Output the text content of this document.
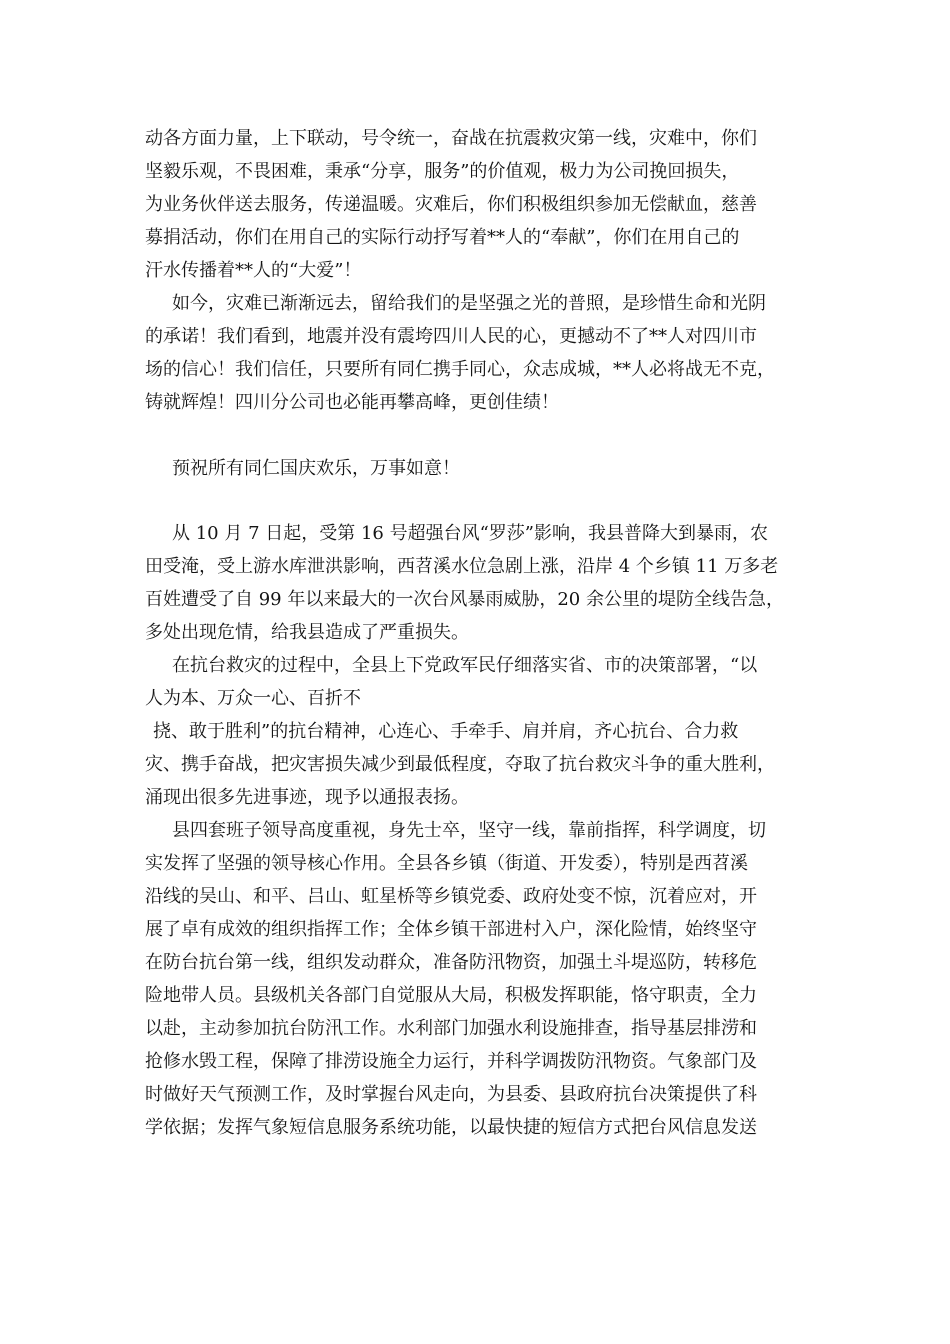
动各方面力量，上下联动，号令统一，奋战在抗震救灾第一线，灾难中，你们

坚毅乐观，不畏困难，秉承“分享，服务”的价值观，极力为公司挽回损失，

为业务伙伴送去服务，传递温暖。灾难后，你们积极组织参加无偿献血，慈善

募捐活动，你们在用自己的实际行动抒写着**人的“奉献”，你们在用自己的

汗水传播着**人的“大爱”！

如今，灾难已渐渐远去，留给我们的是坚强之光的普照，是珍惜生命和光阴

的承诺！我们看到，地震并没有震垮四川人民的心，更撼动不了**人对四川市

场的信心！我们信任，只要所有同仁携手同心，众志成城，**人必将战无不克，

铸就辉煌！四川分公司也必能再攀高峰，更创佳绩！

预祝所有同仁国庆欢乐，万事如意！

从 10 月 7 日起，受第 16 号超强台风“罗莎”影响，我县普降大到暴雨，农

田受淹，受上游水库泄洪影响，西苕溪水位急剧上涨，沿岸 4 个乡镇 11 万多老

百姓遭受了自 99 年以来最大的一次台风暴雨威胁，20 余公里的堤防全线告急，

多处出现危情，给我县造成了严重损失。

在抗台救灾的过程中，全县上下党政军民仔细落实省、市的决策部署，“以

人为本、万众一心、百折不

挠、敢于胜利”的抗台精神，心连心、手牵手、肩并肩，齐心抗台、合力救

灾、携手奋战，把灾害损失减少到最低程度，夺取了抗台救灾斗争的重大胜利，

涌现出很多先进事迹，现予以通报表扬。

县四套班子领导高度重视，身先士卒，坚守一线，靠前指挥，科学调度，切

实发挥了坚强的领导核心作用。全县各乡镇（街道、开发委），特别是西苕溪

沿线的吴山、和平、吕山、虹星桥等乡镇党委、政府处变不惊，沉着应对，开

展了卓有成效的组织指挥工作；全体乡镇干部进村入户，深化险情，始终坚守

在防台抗台第一线，组织发动群众，准备防汛物资，加强土斗堤巡防，转移危

险地带人员。县级机关各部门自觉服从大局，积极发挥职能，恪守职责，全力

以赴，主动参加抗台防汛工作。水利部门加强水利设施排查，指导基层排涝和

抢修水毁工程，保障了排涝设施全力运行，并科学调拨防汛物资。气象部门及

时做好天气预测工作，及时掌握台风走向，为县委、县政府抗台决策提供了科

学依据；发挥气象短信息服务系统功能，以最快捷的短信方式把台风信息发送
